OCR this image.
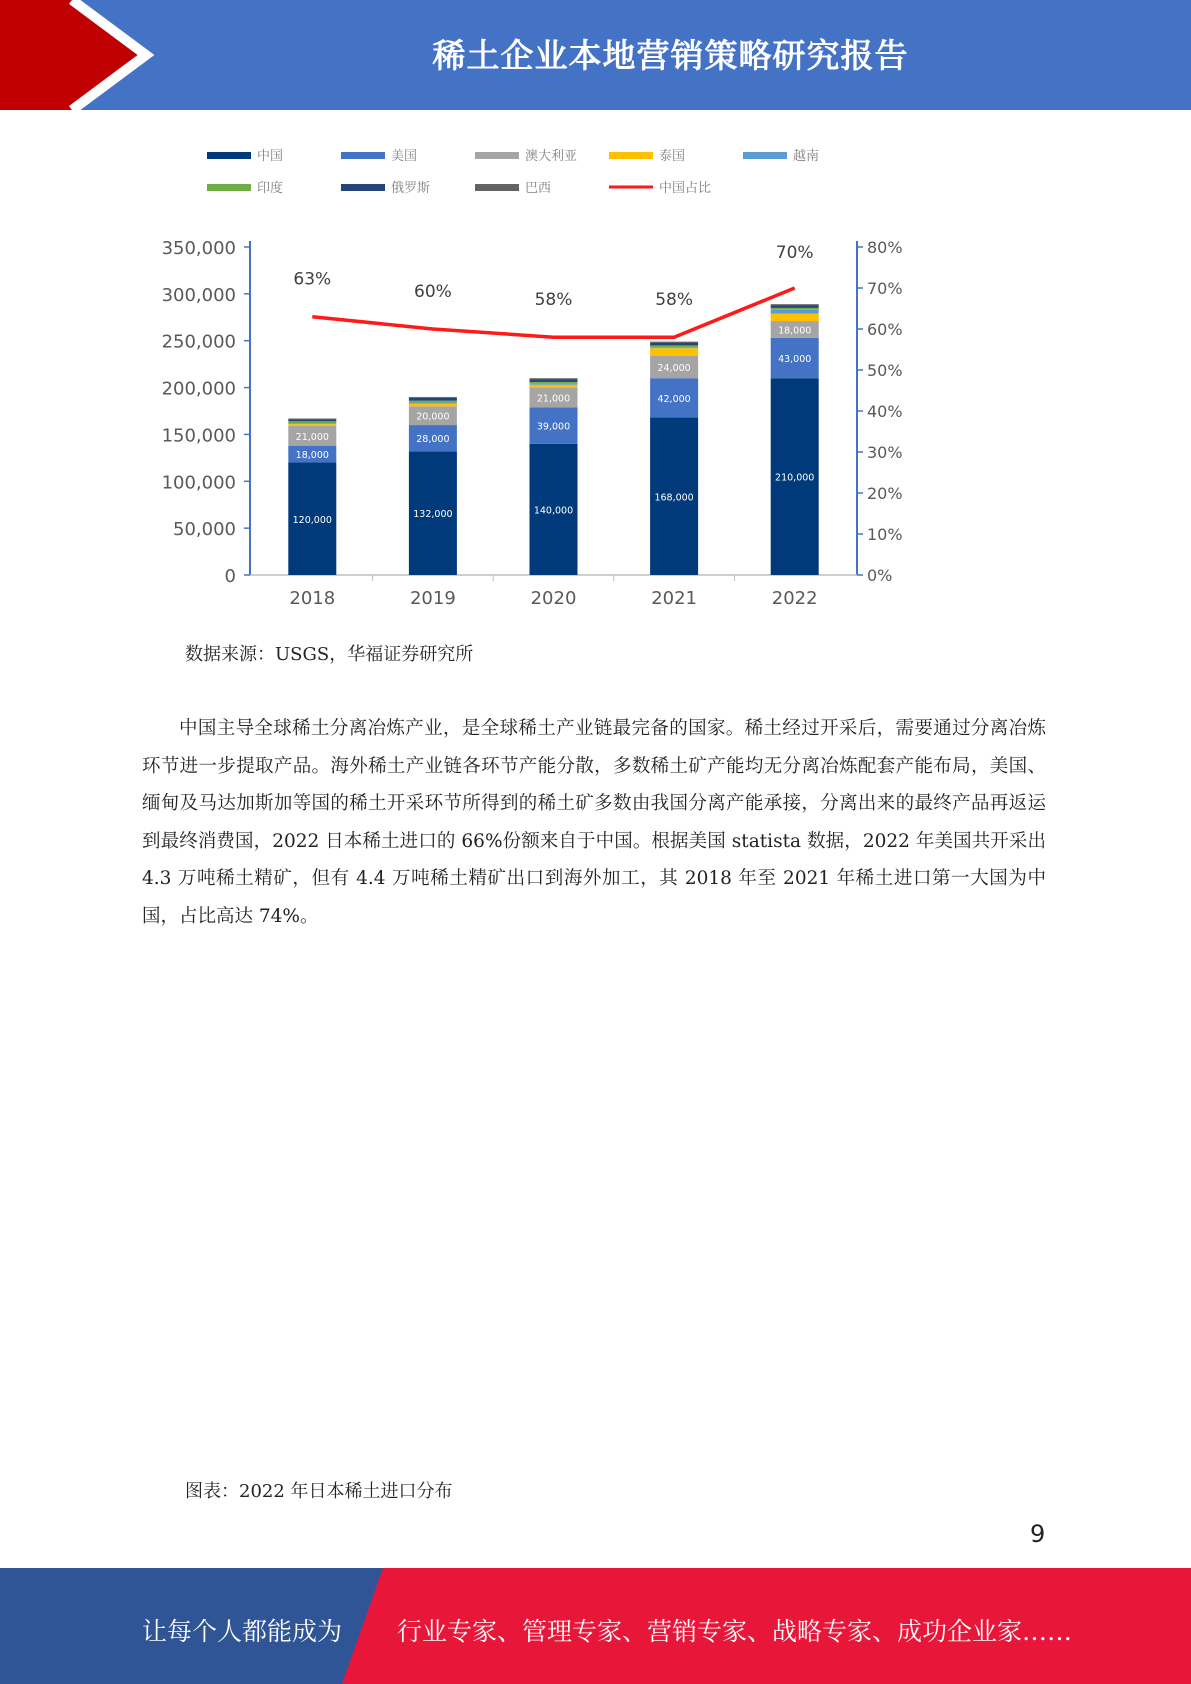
稀土企业本地营销策略研究报告
中国	美国	澳大利亚	泰国	越南
印度	俄罗斯	巴西	中国占比
0
50,000
100,000
150,000
200,000
250,000
300,000
350,000
0%
10%
20%
30%
40%
50%
60%
70%
80%
120,000
18,000
21,000
2018
132,000
28,000
20,000
2019
140,000
39,000
21,000
2020
168,000
42,000
24,000
2021
210,000
43,000
18,000
2022
63%
60%	58%	58%
70%
数据来源：USGS，华福证券研究所

中国主导全球稀土分离冶炼产业，是全球稀土产业链最完备的国家。稀土经过开采后，需要通过分离冶炼环节进一步提取产品。海外稀土产业链各环节产能分散，多数稀土矿产能均无分离冶炼配套产能布局，美国、缅甸及马达加斯加等国的稀土开采环节所得到的稀土矿多数由我国分离产能承接，分离出来的最终产品再返运到最终消费国，2022 日本稀土进口的 66%份额来自于中国。根据美国 statista 数据，2022 年美国共开采出 4.3 万吨稀土精矿，但有 4.4 万吨稀土精矿出口到海外加工，其 2018 年至 2021 年稀土进口第一大国为中国，占比高达 74%。

图表：2022 年日本稀土进口分布
9
让每个人都能成为 行业专家、管理专家、营销专家、战略专家、成功企业家……
